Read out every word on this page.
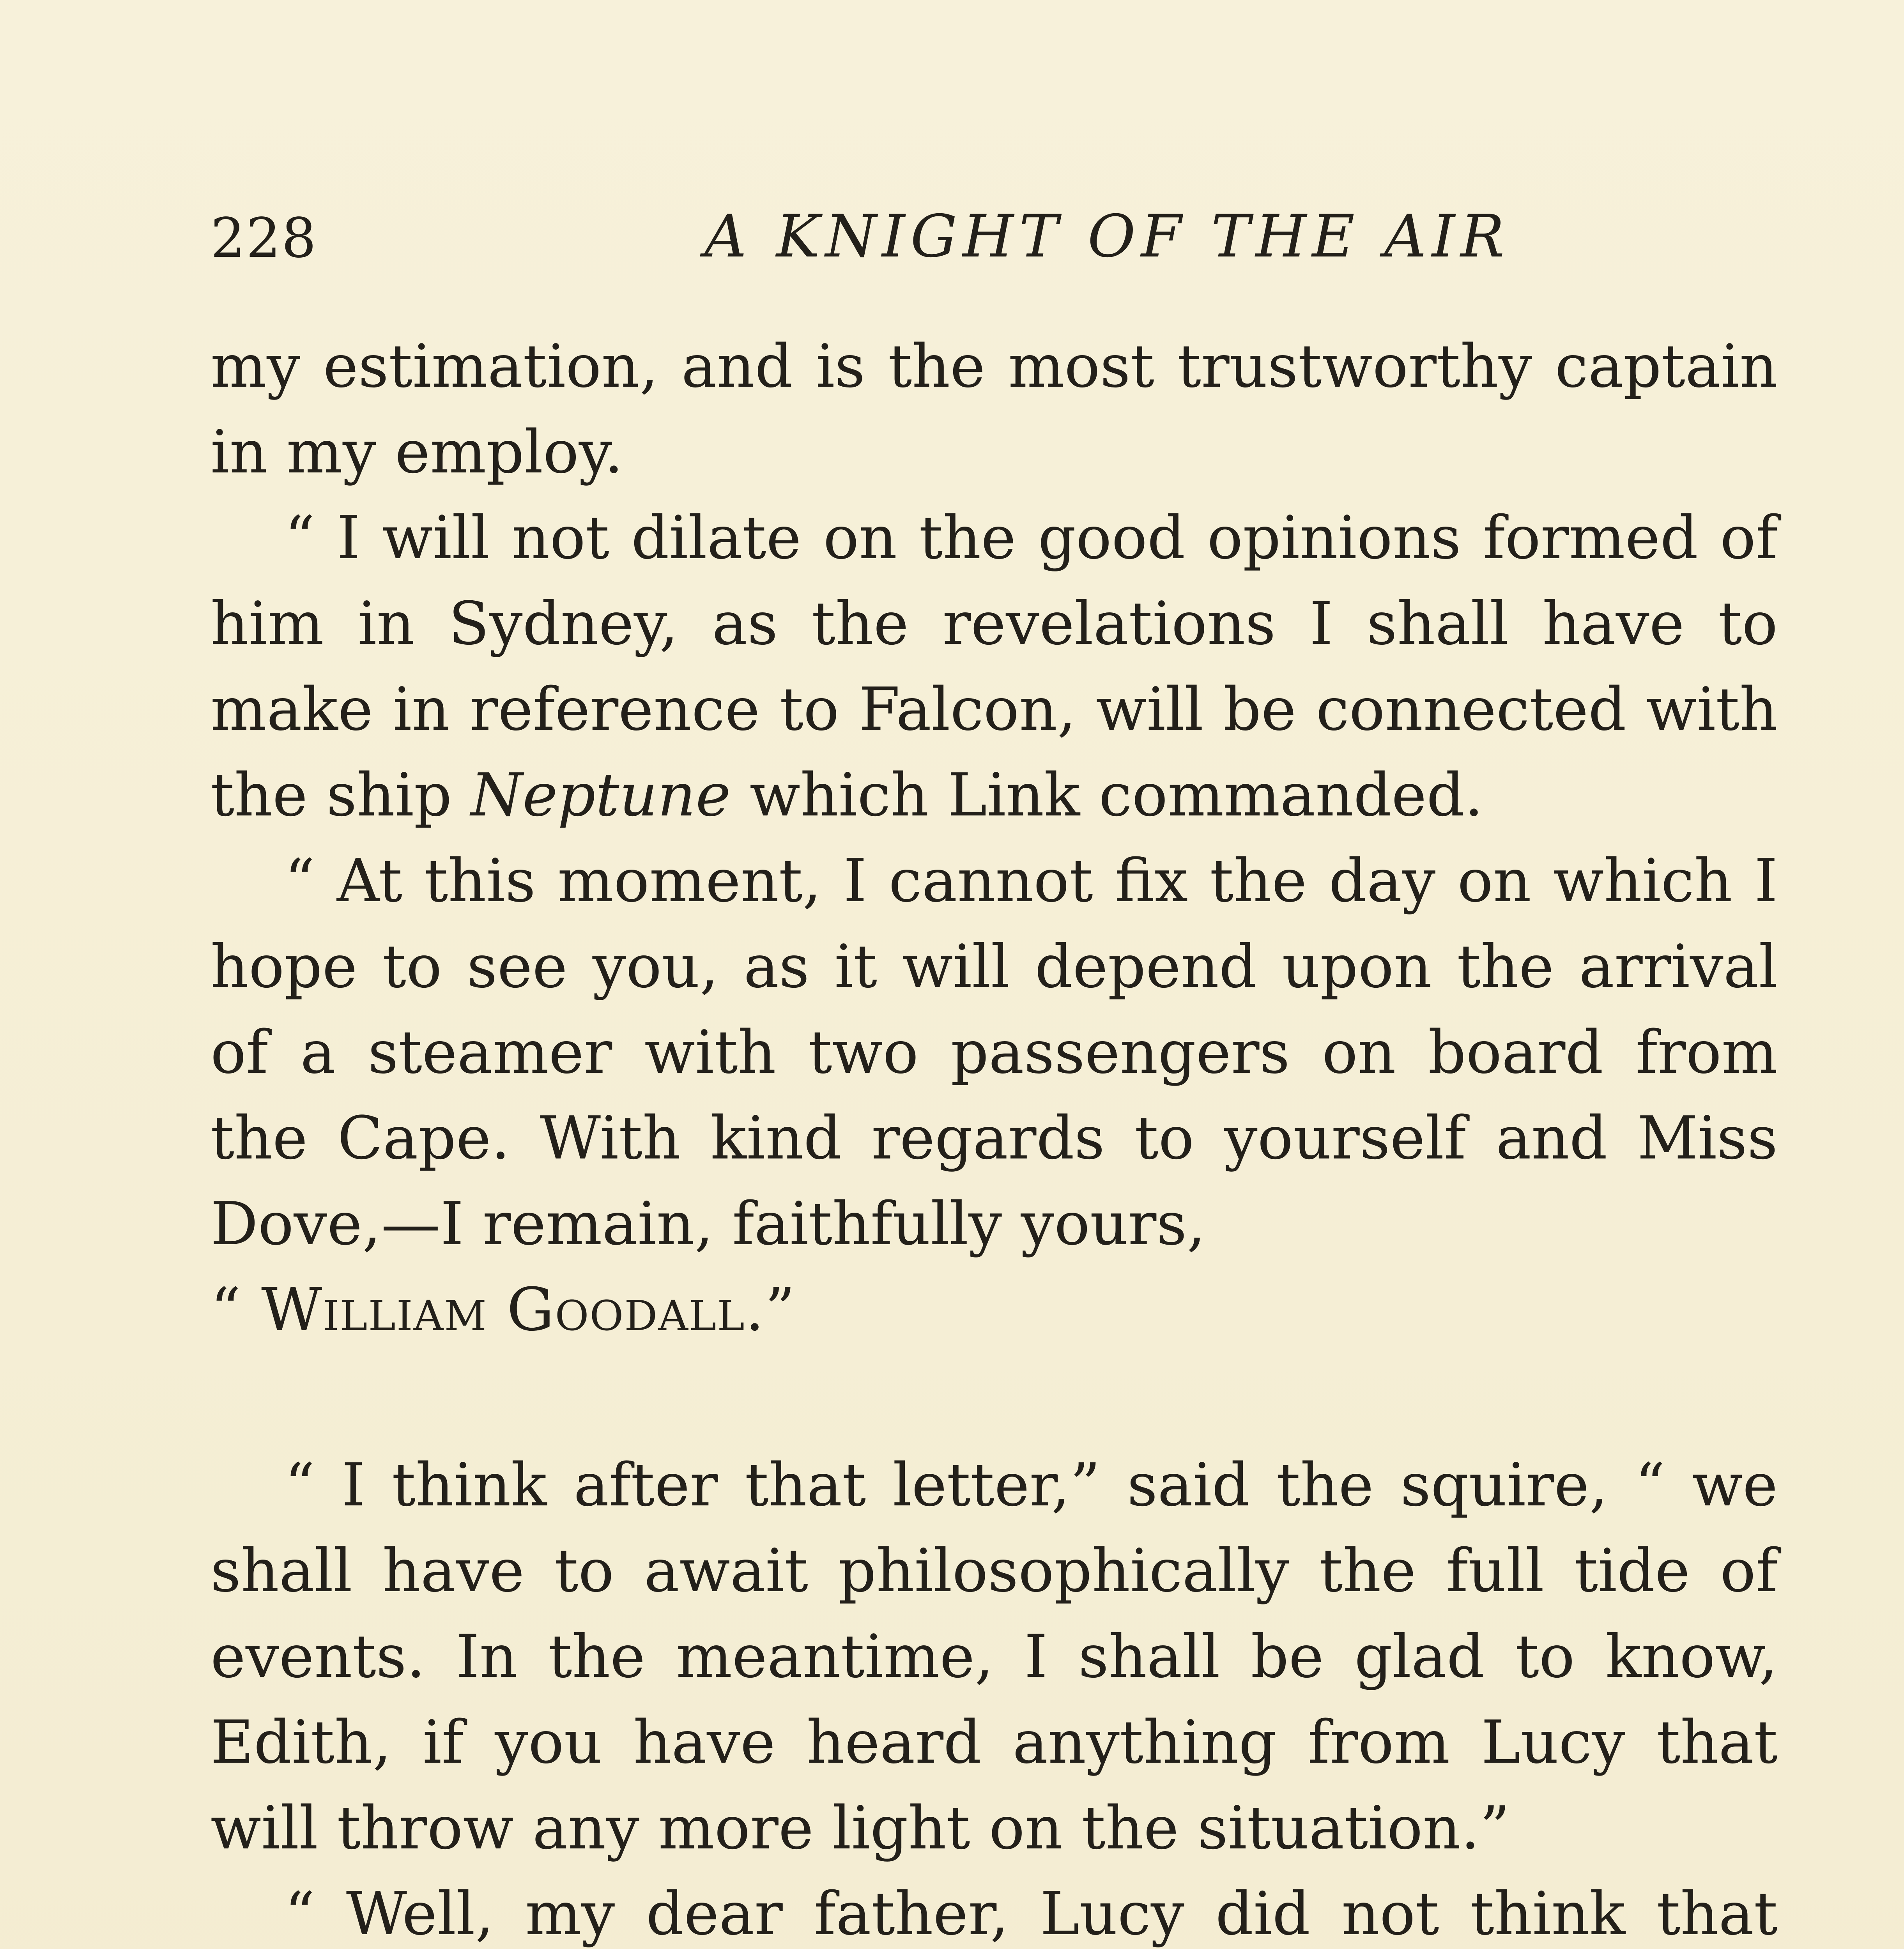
228	A KNIGHT OF THE AIR

my estimation, and is the most trustworthy captain in my employ.

“ I will not dilate on the good opinions formed of him in Sydney, as the revelations I shall have to make in reference to Falcon, will be connected with the ship Neptune which Link commanded.

“ At this moment, I cannot fix the day on which I hope to see you, as it will depend upon the arrival of a steamer with two passengers on board from the Cape. With kind regards to yourself and Miss Dove,—I remain, faithfully yours,

“ William Goodall.”

“ I think after that letter,” said the squire, “ we shall have to await philosophically the full tide of events. In the meantime, I shall be glad to know, Edith, if you have heard anything from Lucy that will throw any more light on the situation.”

“ Well, my dear father, Lucy did not think that
